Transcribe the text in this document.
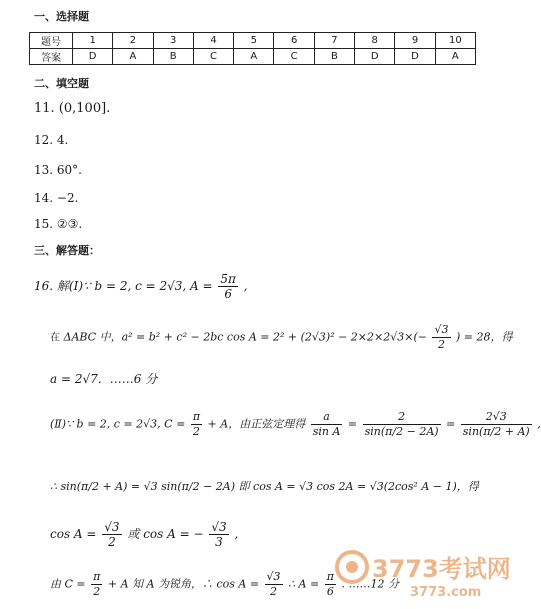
一、选择题
题号	1	2	3	4	5	6	7	8	9	10
答案	D	A	B	C	A	C	B	D	D	A
二、填空题
11. (0,100].
12. 4.
13. 60°.
14. −2.
15. ②③.
三、解答题：
16. 解(Ⅰ)∵ b = 2, c = 2√3, $A = \frac{5\pi}{6}$ ,
在 ΔABC 中，a² = b² + c² − 2bc $\cos A = 2^2 + (2√3)^2 - 2\times 2\times 2√3\times(- \frac{√3}{2}$ ) = 28，得
a = 2√7．……6 分
(Ⅱ)∵ b = 2, c = 2√3, $C = \frac{\pi}{2} + A$，由正弦定理得 $\frac{a}{\text{sin A}} = \frac{2}{\sin(\pi/2 - 2A)} = \frac{2√3}{\sin(\pi/2 + A)}$ ,
∴ sin(π/2 + A) = √3 sin(π/2 − 2A) 即 cos A = √3 cos 2A = √3(2cos² A − 1)，得
$\cos A = \frac{√3}{2}$ 或 cos A = − $\frac{√3}{3}$ ,
由 $C = \frac{\pi}{2} + A$ 知 A 为锐角，∴ $\cos A = \frac{√3}{2}$ ∴ $A = \frac{\pi}{6}$ . ……12 分
3773考试网
3773.com
